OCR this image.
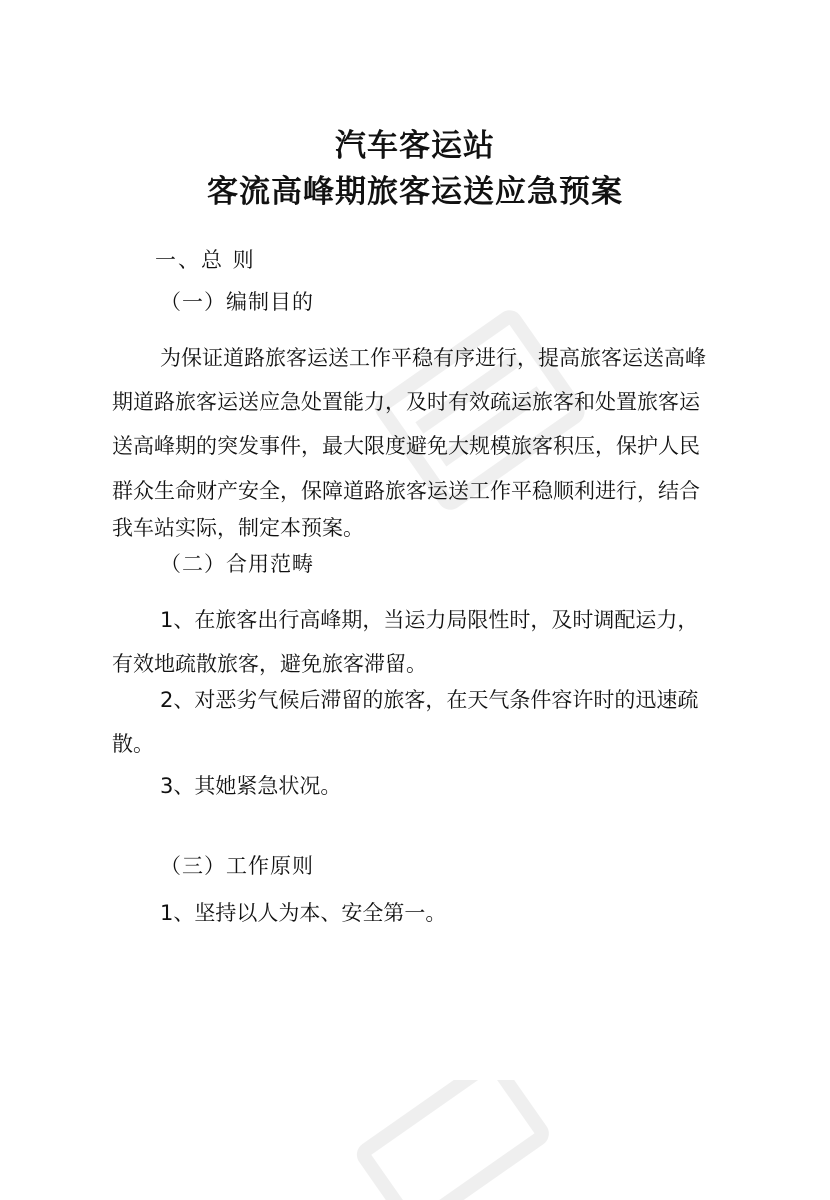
汽车客运站
客流高峰期旅客运送应急预案
一、总 则
（一）编制目的
为保证道路旅客运送工作平稳有序进行，提高旅客运送高峰
期道路旅客运送应急处置能力，及时有效疏运旅客和处置旅客运
送高峰期的突发事件，最大限度避免大规模旅客积压，保护人民
群众生命财产安全，保障道路旅客运送工作平稳顺利进行，结合
我车站实际，制定本预案。
（二）合用范畴
1、在旅客出行高峰期，当运力局限性时，及时调配运力，
有效地疏散旅客，避免旅客滞留。
2、对恶劣气候后滞留的旅客，在天气条件容许时的迅速疏
散。
3、其她紧急状况。
（三）工作原则
1、坚持以人为本、安全第一。
